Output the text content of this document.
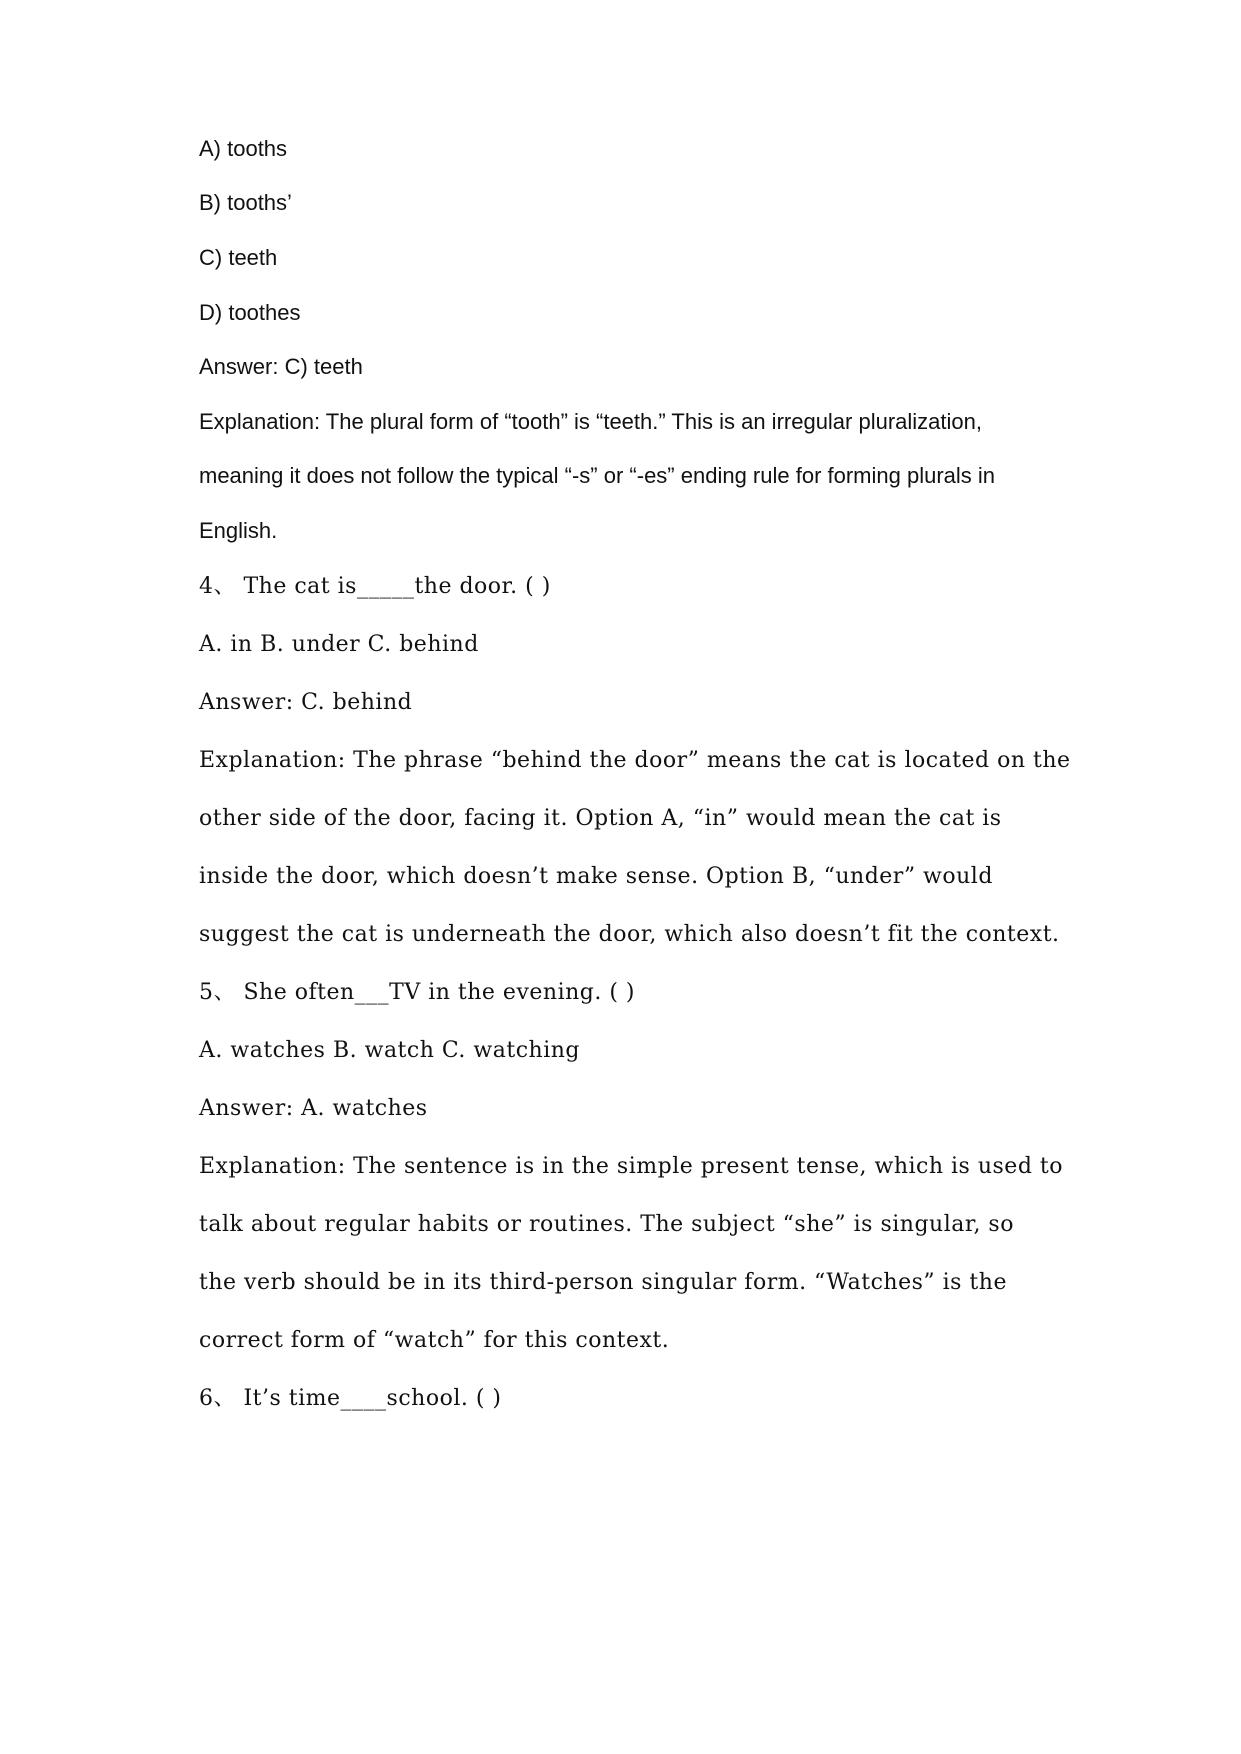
A) tooths
B) tooths’
C) teeth
D) toothes
Answer: C) teeth
Explanation: The plural form of “tooth” is “teeth.” This is an irregular pluralization,
meaning it does not follow the typical “-s” or “-es” ending rule for forming plurals in
English.
4、 The cat is_____the door. ( )
A. in B. under C. behind
Answer: C. behind
Explanation: The phrase “behind the door” means the cat is located on the
other side of the door, facing it. Option A, “in” would mean the cat is
inside the door, which doesn’t make sense. Option B, “under” would
suggest the cat is underneath the door, which also doesn’t fit the context.
5、 She often___TV in the evening. ( )
A. watches B. watch C. watching
Answer: A. watches
Explanation: The sentence is in the simple present tense, which is used to
talk about regular habits or routines. The subject “she” is singular, so
the verb should be in its third-person singular form. “Watches” is the
correct form of “watch” for this context.
6、 It’s time____school. ( )
